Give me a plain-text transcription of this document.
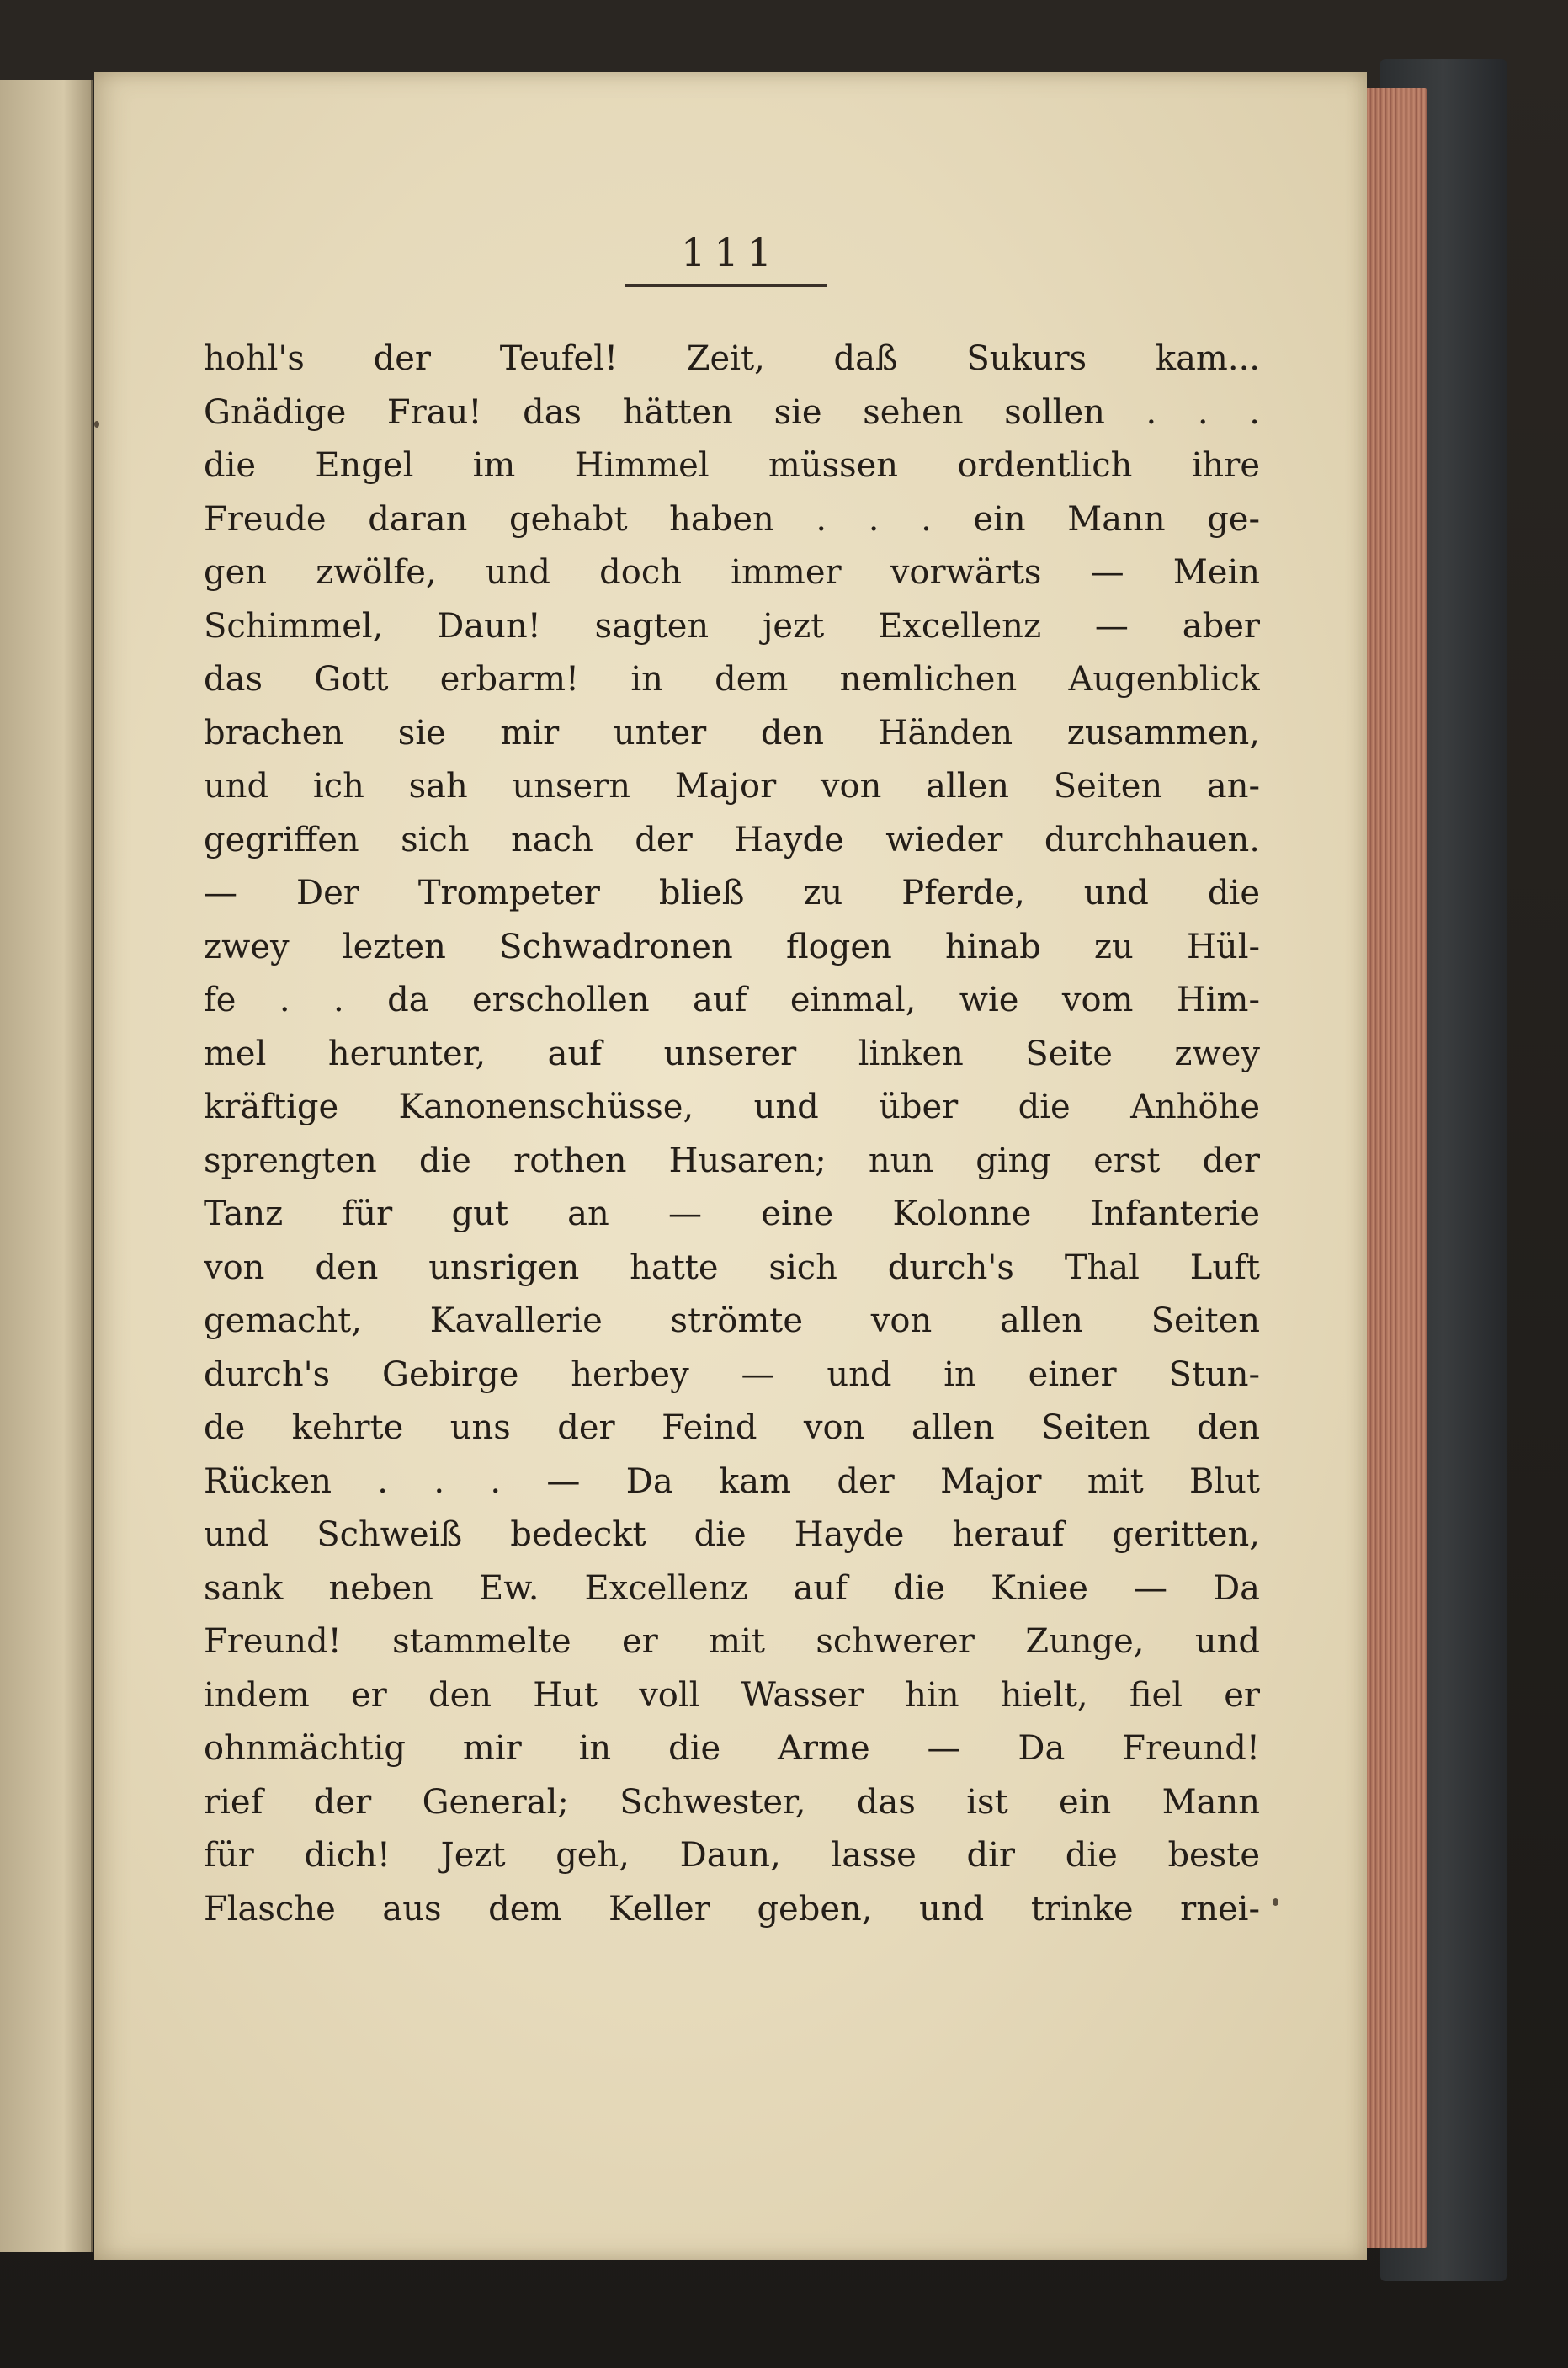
111
hohl's der Teufel! Zeit, daß Sukurs kam...
Gnädige Frau! das hätten sie sehen sollen . . .
die Engel im Himmel müssen ordentlich ihre
Freude daran gehabt haben . . . ein Mann ge-
gen zwölfe, und doch immer vorwärts — Mein
Schimmel, Daun! sagten jezt Excellenz — aber
das Gott erbarm! in dem nemlichen Augenblick
brachen sie mir unter den Händen zusammen,
und ich sah unsern Major von allen Seiten an-
gegriffen sich nach der Hayde wieder durchhauen.
— Der Trompeter bließ zu Pferde, und die
zwey lezten Schwadronen flogen hinab zu Hül-
fe . . da erschollen auf einmal, wie vom Him-
mel herunter, auf unserer linken Seite zwey
kräftige Kanonenschüsse, und über die Anhöhe
sprengten die rothen Husaren; nun ging erst der
Tanz für gut an — eine Kolonne Infanterie
von den unsrigen hatte sich durch's Thal Luft
gemacht, Kavallerie strömte von allen Seiten
durch's Gebirge herbey — und in einer Stun-
de kehrte uns der Feind von allen Seiten den
Rücken . . . — Da kam der Major mit Blut
und Schweiß bedeckt die Hayde herauf geritten,
sank neben Ew. Excellenz auf die Kniee — Da
Freund! stammelte er mit schwerer Zunge, und
indem er den Hut voll Wasser hin hielt, fiel er
ohnmächtig mir in die Arme — Da Freund!
rief der General; Schwester, das ist ein Mann
für dich! Jezt geh, Daun, lasse dir die beste
Flasche aus dem Keller geben, und trinke rnei-
